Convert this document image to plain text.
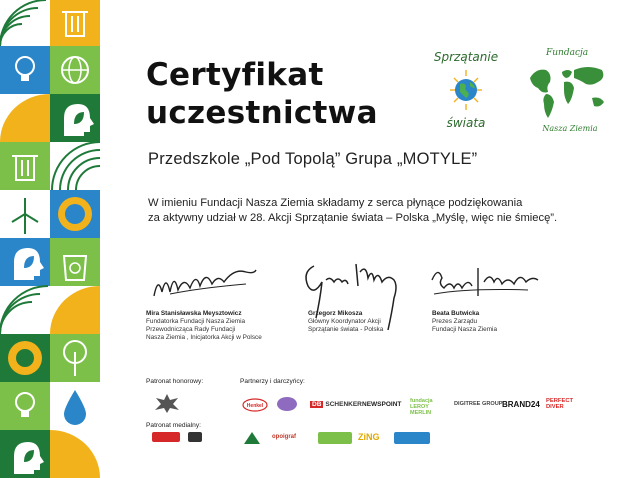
Certyfikat
uczestnictwa
Sprzątanie
świata
Fundacja
Nasza Ziemia
Przedszkole „Pod Topolą” Grupa „MOTYLE”
W imieniu Fundacji Nasza Ziemia składamy z serca płynące podziękowania
za aktywny udział w 28. Akcji Sprzątanie świata – Polska „Myślę, więc nie śmiecę”.
Mira Stanisławska Meysztowicz
Fundatorka Fundacji Nasza Ziemia
Przewodnicząca Rady Fundacji
Nasza Ziemia , Inicjatorka Akcji w Polsce
Grzegorz Mikosza
Główny Koordynator Akcji
Sprzątanie świata - Polska
Beata Butwicka
Prezes Zarządu
Fundacji Nasza Ziemia
Patronat honorowy:	Partnerzy i darczyńcy:
Patronat medialny:
Henkel	DB SCHENKER NEWSPOINT fundacja LEROY MERLIN
DIGITREE GROUP BRAND24 PERFECT DIVER
opoigraf	ZiNG
